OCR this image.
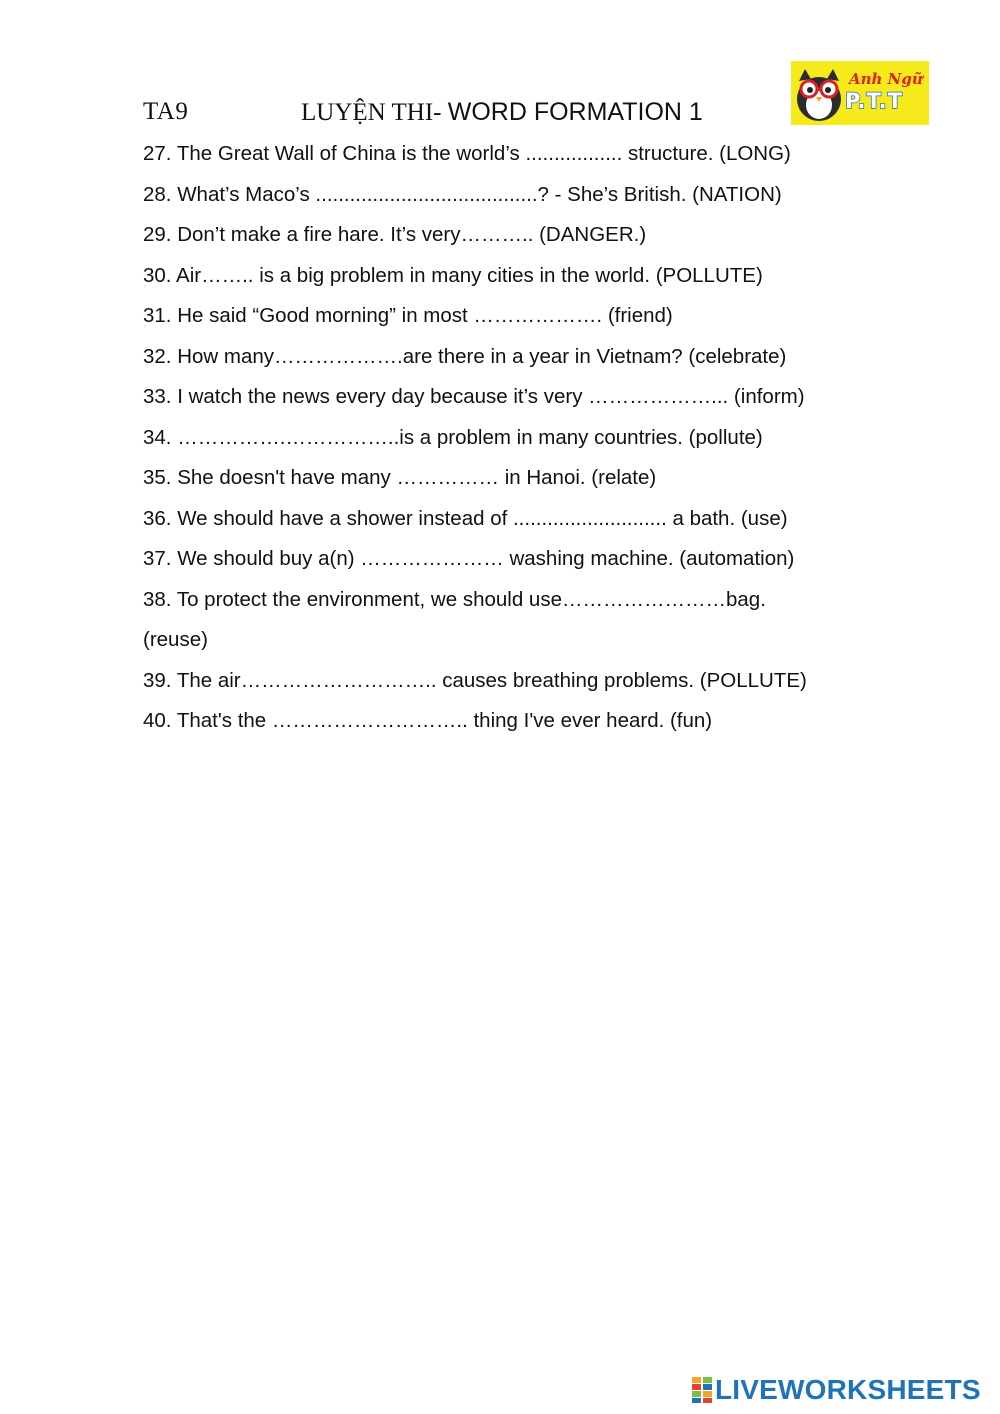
TA9	LUYỆN THI- WORD FORMATION 1
Anh Ngữ
P.T.T
27. The Great Wall of China is the world’s ................. structure. (LONG)
28. What’s Maco’s .......................................? - She’s British. (NATION)
29. Don’t make a fire hare. It’s very……….. (DANGER.)
30. Air…….. is a big problem in many cities in the world. (POLLUTE)
31. He said “Good morning” in most ………………. (friend)
32. How many……………….are there in a year in Vietnam? (celebrate)
33. I watch the news every day because it’s very ………………... (inform)
34. …………….……………..is a problem in many countries. (pollute)
35. She doesn't have many …………… in Hanoi. (relate)
36. We should have a shower instead of ........................... a bath. (use)
37. We should buy a(n) ………………… washing machine. (automation)
38. To protect the environment, we should use……………………bag.
(reuse)
39. The air……………………….. causes breathing problems. (POLLUTE)
40. That's the ……………………….. thing I've ever heard. (fun)
LIVEWORKSHEETS
